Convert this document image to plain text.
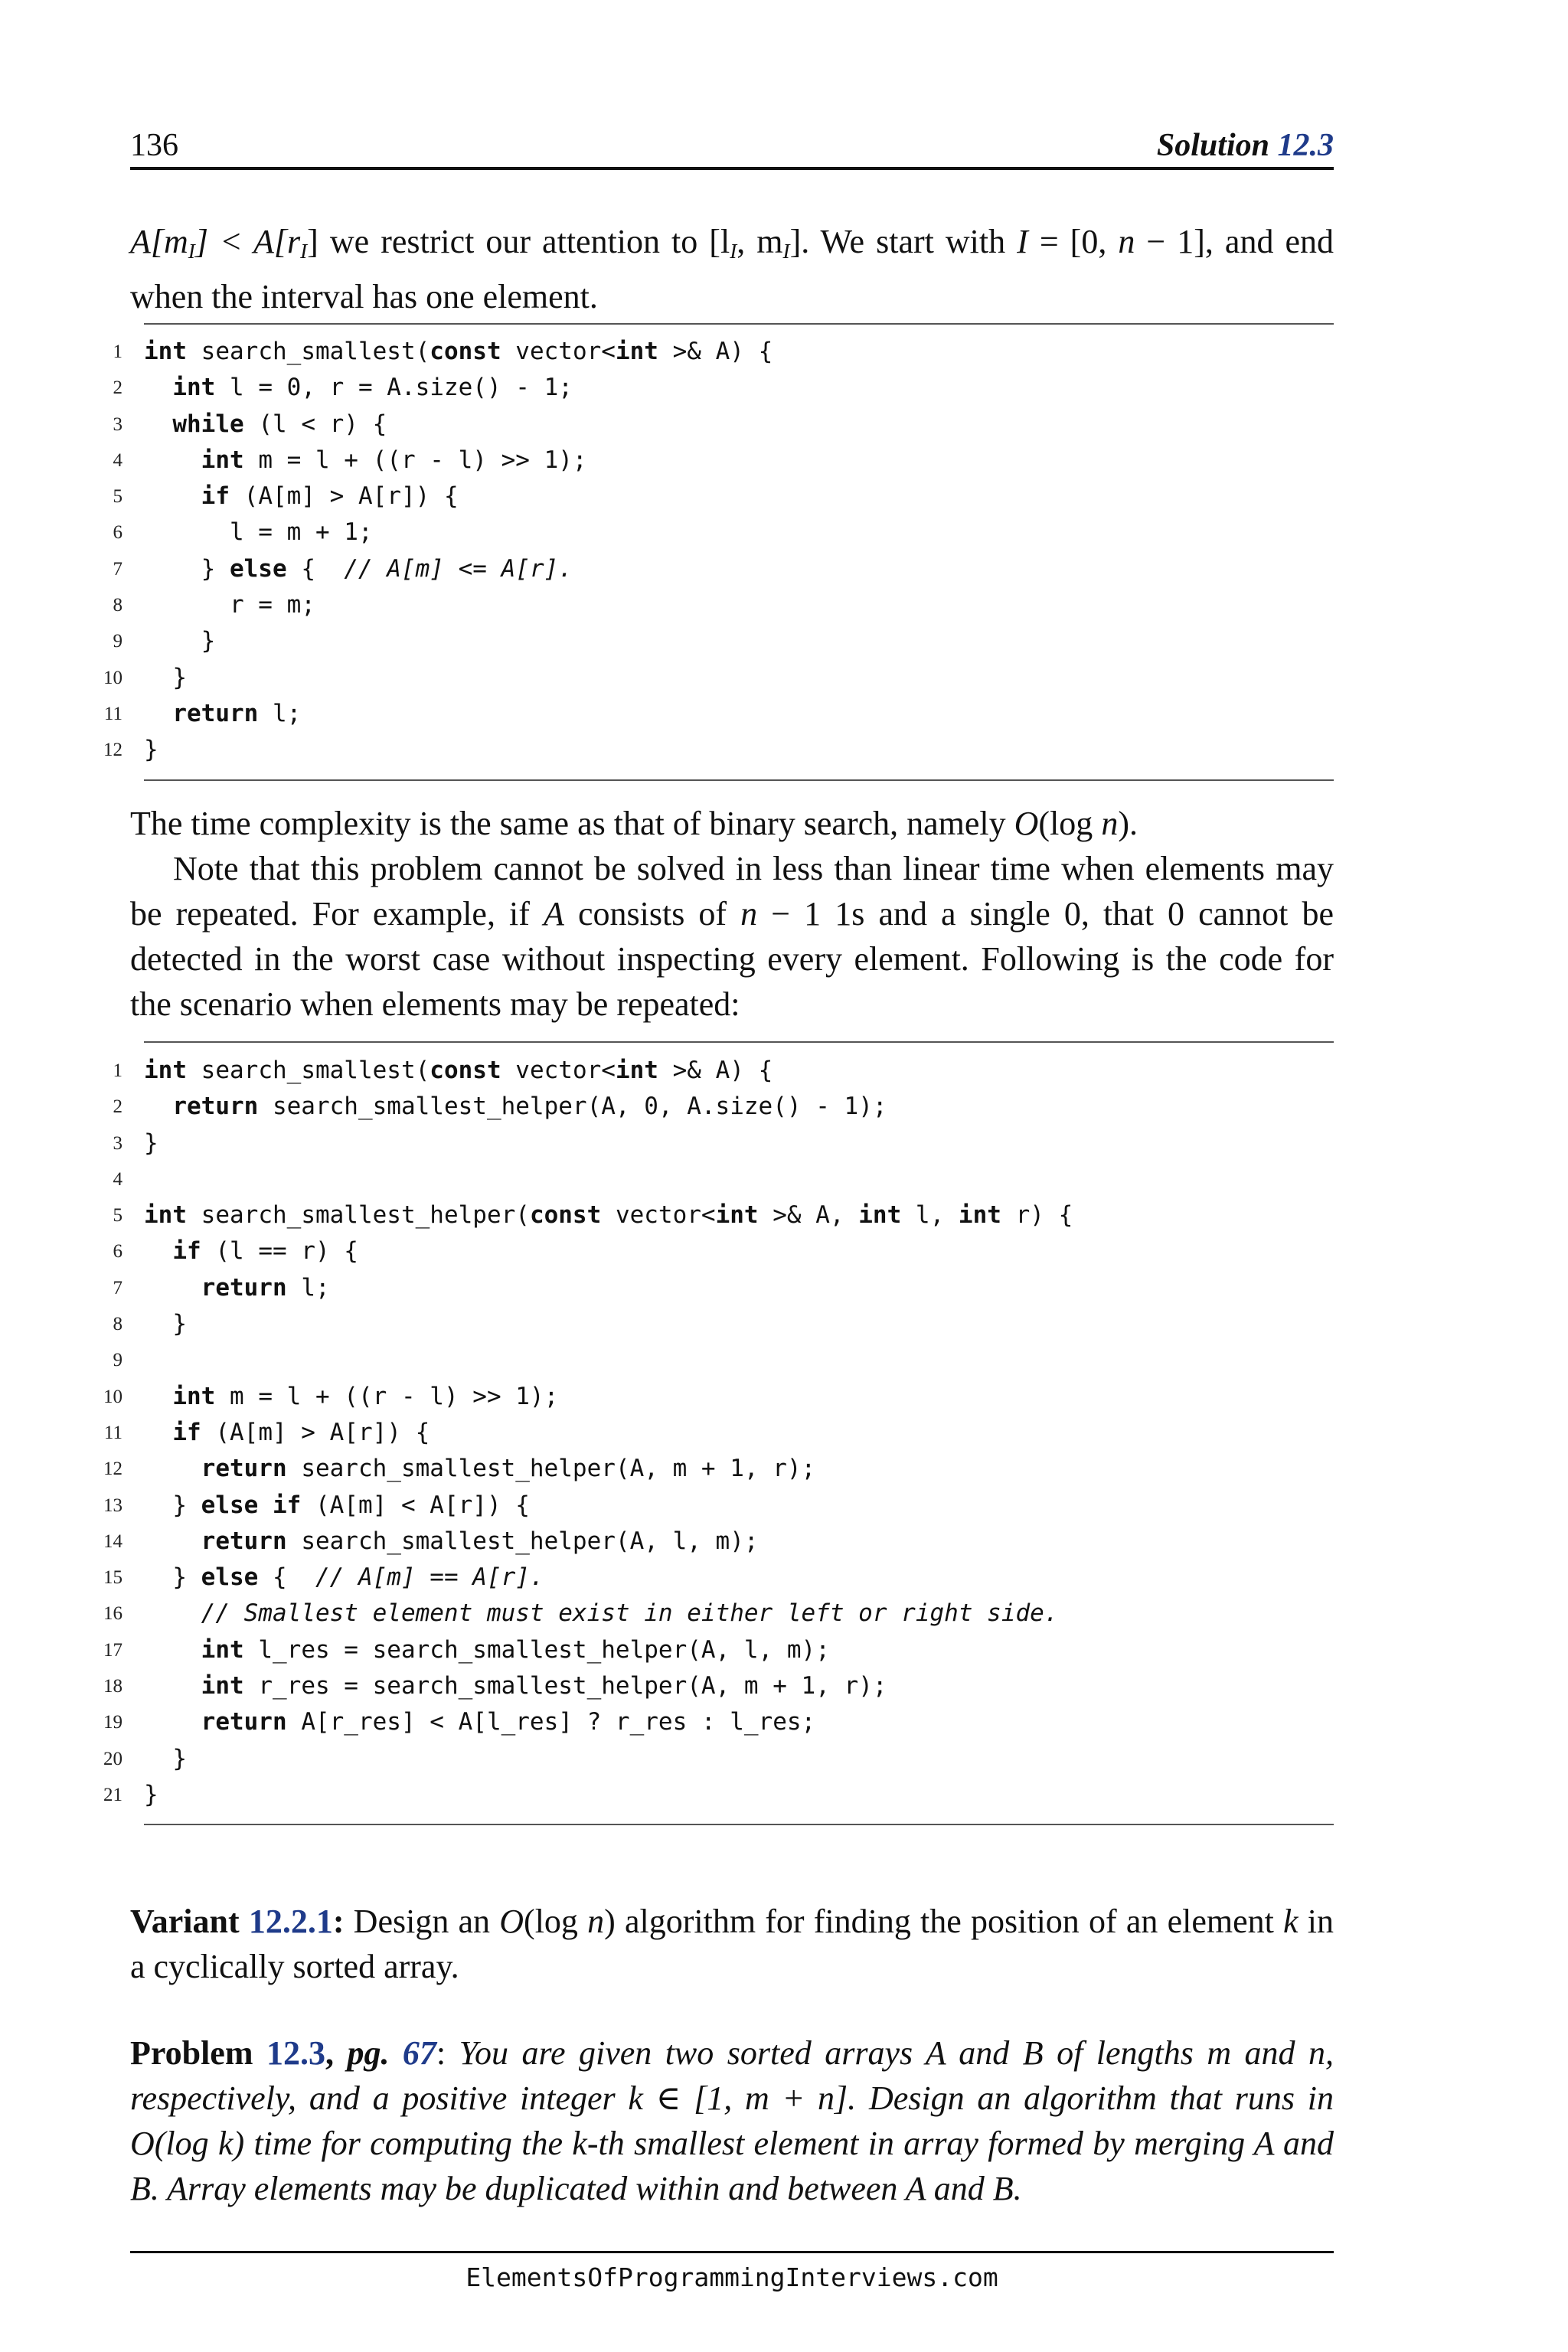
136	Solution 12.3
$A[m_I] < A[r_I]$ we restrict our attention to [$l_I$, $m_I$]. We start with I = [0, n − 1], and end when the interval has one element.
1 int search_smallest(const vector<int >& A) {
2	int l = 0, r = A.size() - 1;
3	while (l < r) {
4	int m = l + ((r - l) >> 1);
5	if (A[m] > A[r]) {
6 l = m + 1;
7 } else {  // A[m] <= A[r].
8 r = m;
9 }
10 }
11	return l;
12 }
The time complexity is the same as that of binary search, namely O(log n).
Note that this problem cannot be solved in less than linear time when elements may be repeated. For example, if A consists of n − 1 1s and a single 0, that 0 cannot be detected in the worst case without inspecting every element. Following is the code for the scenario when elements may be repeated:
1 int search_smallest(const vector<int >& A) {
2	return search_smallest_helper(A, 0, A.size() - 1);
3 }
4
5 int search_smallest_helper(const vector<int >& A, int l, int r) {
6	if (l == r) {
7	return l;
8 }
9
10	int m = l + ((r - l) >> 1);
11	if (A[m] > A[r]) {
12	return search_smallest_helper(A, m + 1, r);
13 } else if (A[m] < A[r]) {
14	return search_smallest_helper(A, l, m);
15 } else {  // A[m] == A[r].
16	// Smallest element must exist in either left or right side.
17	int l_res = search_smallest_helper(A, l, m);
18	int r_res = search_smallest_helper(A, m + 1, r);
19	return A[r_res] < A[l_res] ? r_res : l_res;
20 }
21 }
Variant 12.2.1: Design an O(log n) algorithm for finding the position of an element k in a cyclically sorted array.
Problem 12.3, pg. 67: You are given two sorted arrays A and B of lengths m and n, respectively, and a positive integer k ∈ [1, m + n]. Design an algorithm that runs in O(log k) time for computing the k-th smallest element in array formed by merging A and B. Array elements may be duplicated within and between A and B.
ElementsOfProgrammingInterviews.com
